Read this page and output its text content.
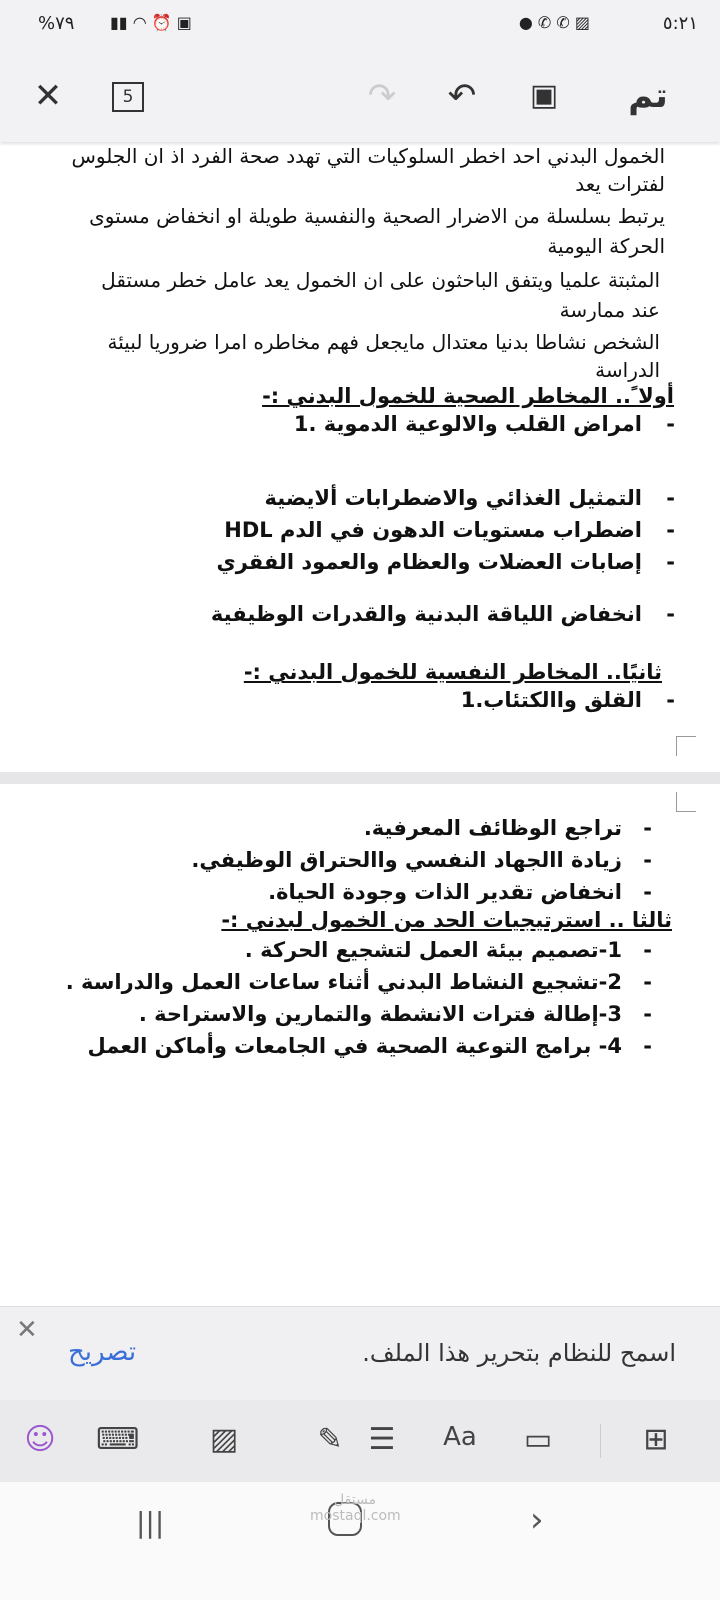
%٧٩ ▮▮ ◠ ⏰ ▣	● ✆ ✆ ▨	٥:٢١
✕	5	↷ ↶ ▣	تم
الخمول البدني احد اخطر السلوكيات التي تهدد صحة الفرد اذ ان الجلوس
لفترات يعد
يرتبط بسلسلة من الاضرار الصحية والنفسية طويلة او انخفاض مستوى
الحركة اليومية
المثبتة علميا ويتفق الباحثون على ان الخمول يعد عامل خطر مستقل
عند ممارسة
الشخص نشاطا بدنيا معتدال مايجعل فهم مخاطره امرا ضروريا لبيئة
الدراسة
أولا ً.. المخاطر الصحية للخمول البدني :-
امراض القلب والالوعية الدموية .1
التمثيل الغذائي والاضطرابات ألايضية
اضطراب مستويات الدهون في الدم HDL
إصابات العضلات والعظام والعمود الفقري
انخفاض اللياقة البدنية والقدرات الوظيفية
ثانيًا.. المخاطر النفسية للخمول البدني :-
القلق واالكتئاب.1
-
-
-
-
-
-
تراجع الوظائف المعرفية.
زيادة االجهاد النفسي واالحتراق الوظيفي.
انخفاض تقدير الذات وجودة الحياة.
ثالثا .. استرتيجيات الحد من الخمول لبدني :-
1-تصميم بيئة العمل لتشجيع الحركة .
2-تشجيع النشاط البدني أثناء ساعات العمل والدراسة .
3-إطالة فترات الانشطة والتمارين والاستراحة .
4- برامج التوعية الصحية في الجامعات وأماكن العمل
-
-
-
-
-
-
-
✕
تصريح	اسمح للنظام بتحرير هذا الملف.
☺ ⌨ ▨	✎ ☰ Aa ▭	⊞
|||	›
مستقل mostaql.com
